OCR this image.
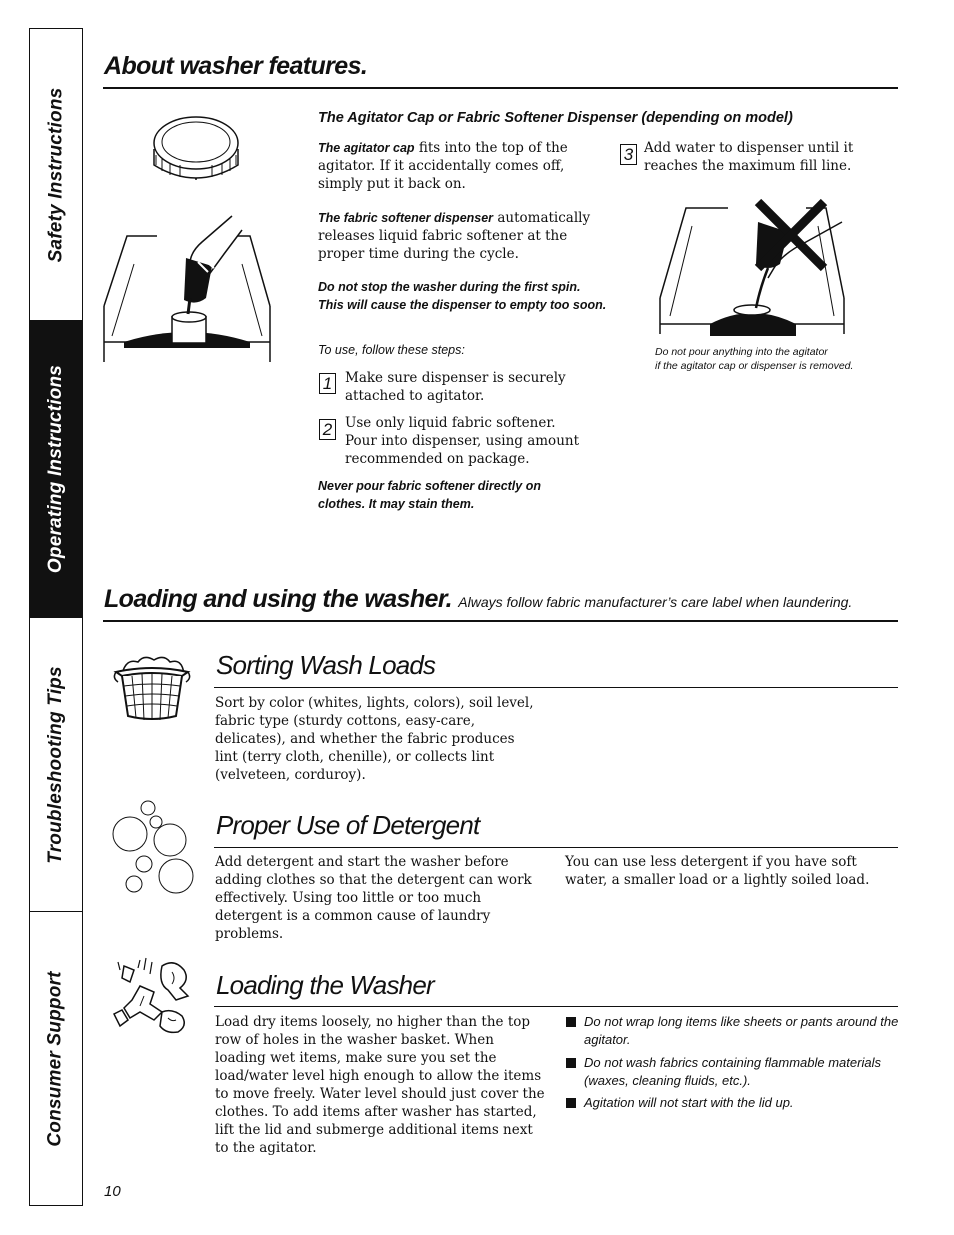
Safety Instructions
Operating Instructions
Troubleshooting Tips
Consumer Support
About washer features.
The Agitator Cap or Fabric Softener Dispenser (depending on model)
The agitator cap fits into the top of the agitator. If it accidentally comes off, simply put it back on.
The fabric softener dispenser automatically releases liquid fabric softener at the proper time during the cycle.
Do not stop the washer during the first spin. This will cause the dispenser to empty too soon.
To use, follow these steps:
1 Make sure dispenser is securely attached to agitator.
2 Use only liquid fabric softener. Pour into dispenser, using amount recommended on package.
Never pour fabric softener directly on clothes. It may stain them.
3 Add water to dispenser until it reaches the maximum fill line.
Do not pour anything into the agitator
if the agitator cap or dispenser is removed.
Loading and using the washer. Always follow fabric manufacturer’s care label when laundering.
Sorting Wash Loads
Sort by color (whites, lights, colors), soil level, fabric type (sturdy cottons, easy-care, delicates), and whether the fabric produces lint (terry cloth, chenille), or collects lint (velveteen, corduroy).
Proper Use of Detergent
Add detergent and start the washer before adding clothes so that the detergent can work effectively. Using too little or too much detergent is a common cause of laundry problems.
You can use less detergent if you have soft water, a smaller load or a lightly soiled load.
Loading the Washer
Load dry items loosely, no higher than the top row of holes in the washer basket. When loading wet items, make sure you set the load/water level high enough to allow the items to move freely. Water level should just cover the clothes. To add items after washer has started, lift the lid and submerge additional items next to the agitator.
Do not wrap long items like sheets or pants around the agitator.
Do not wash fabrics containing flammable materials (waxes, cleaning fluids, etc.).
Agitation will not start with the lid up.
10
